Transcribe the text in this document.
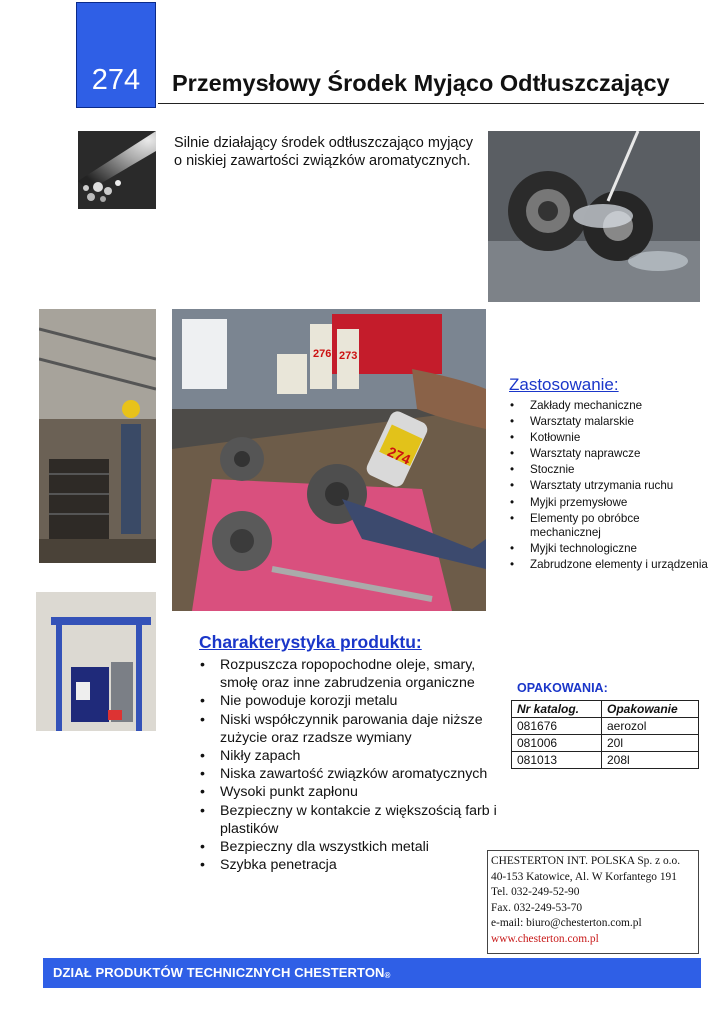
274	Przemysłowy Środek Myjąco Odtłuszczający
Silnie działający środek odtłuszczająco myjący o niskiej zawartości związków aromatycznych.
276 273
274
Zastosowanie:
• Zakłady mechaniczne
• Warsztaty malarskie
• Kotłownie
• Warsztaty naprawcze
• Stocznie
• Warsztaty utrzymania ruchu
• Myjki przemysłowe
• Elementy po obróbce mechanicznej
• Myjki technologiczne
• Zabrudzone elementy i urządzenia
Charakterystyka produktu:
• Rozpuszcza ropopochodne oleje, smary, smołę oraz inne zabrudzenia organiczne
• Nie powoduje korozji metalu
• Niski współczynnik parowania daje niższe zużycie oraz rzadsze wymiany
• Nikły zapach
• Niska zawartość związków aromatycznych
• Wysoki punkt zapłonu
• Bezpieczny w kontakcie z większością farb i plastików
• Bezpieczny dla wszystkich metali
• Szybka penetracja
OPAKOWANIA:
Nr katalog.	Opakowanie
081676	aerozol
081006	20l
081013	208l
CHESTERTON INT. POLSKA Sp. z o.o.
40-153 Katowice, Al. W Korfantego 191
Tel. 032-249-52-90
Fax. 032-249-53-70
e-mail: biuro@chesterton.com.pl
www.chesterton.com.pl
DZIAŁ PRODUKTÓW TECHNICZNYCH CHESTERTON®
